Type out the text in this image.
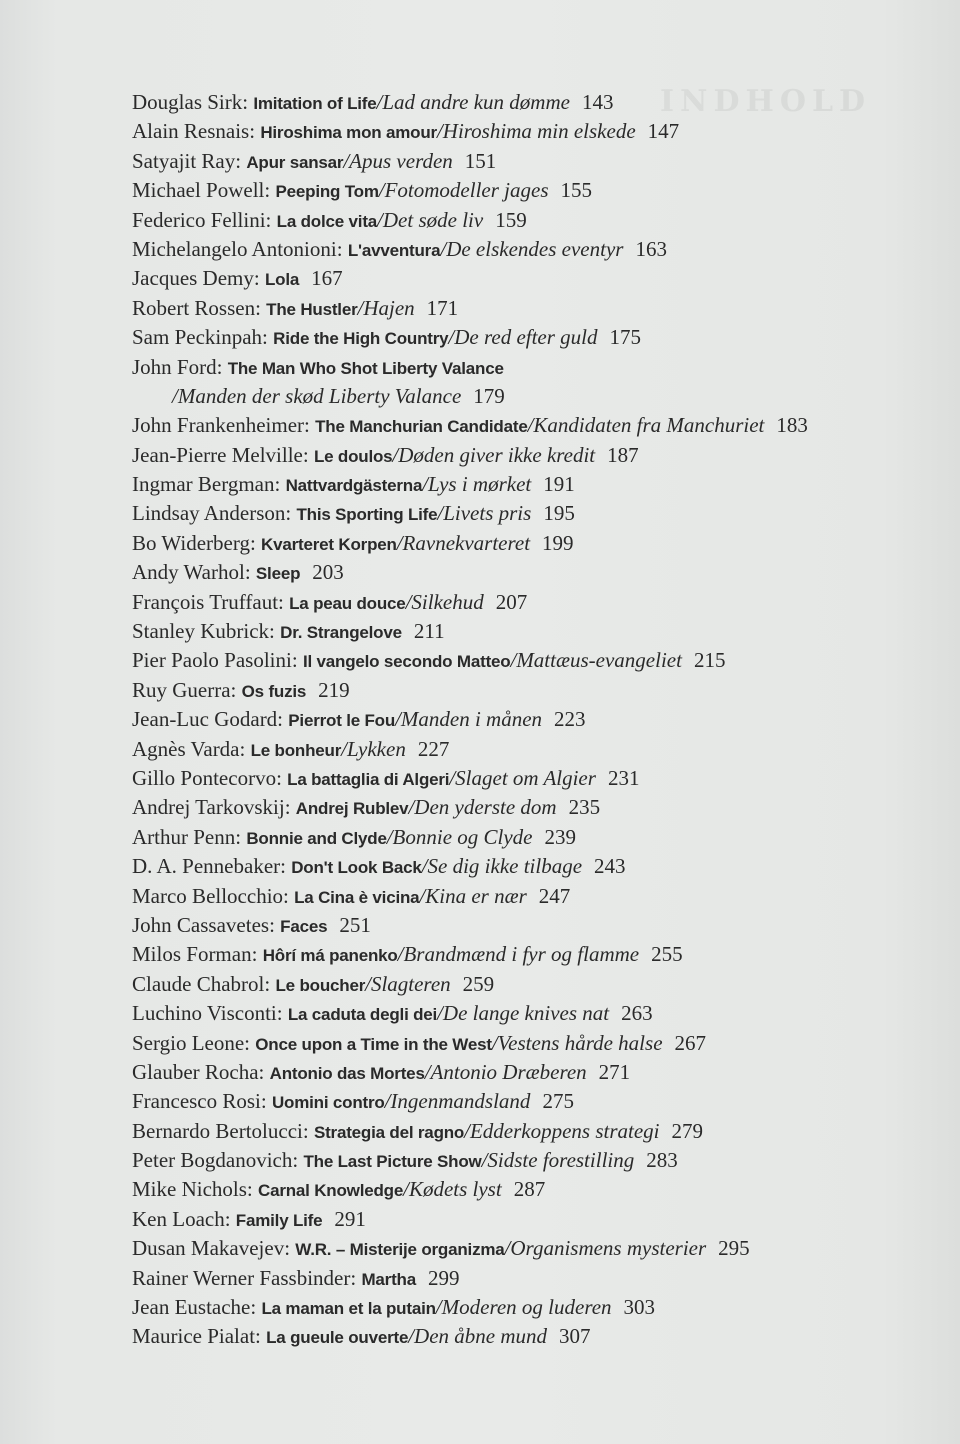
INDHOLD
Douglas Sirk: Imitation of Life/Lad andre kun dømme 143
Alain Resnais: Hiroshima mon amour/Hiroshima min elskede 147
Satyajit Ray: Apur sansar/Apus verden 151
Michael Powell: Peeping Tom/Fotomodeller jages 155
Federico Fellini: La dolce vita/Det søde liv 159
Michelangelo Antonioni: L'avventura/De elskendes eventyr 163
Jacques Demy: Lola 167
Robert Rossen: The Hustler/Hajen 171
Sam Peckinpah: Ride the High Country/De red efter guld 175
John Ford: The Man Who Shot Liberty Valance
/Manden der skød Liberty Valance 179
John Frankenheimer: The Manchurian Candidate/Kandidaten fra Manchuriet 183
Jean-Pierre Melville: Le doulos/Døden giver ikke kredit 187
Ingmar Bergman: Nattvardgästerna/Lys i mørket 191
Lindsay Anderson: This Sporting Life/Livets pris 195
Bo Widerberg: Kvarteret Korpen/Ravnekvarteret 199
Andy Warhol: Sleep 203
François Truffaut: La peau douce/Silkehud 207
Stanley Kubrick: Dr. Strangelove 211
Pier Paolo Pasolini: Il vangelo secondo Matteo/Mattæus-evangeliet 215
Ruy Guerra: Os fuzis 219
Jean-Luc Godard: Pierrot le Fou/Manden i månen 223
Agnès Varda: Le bonheur/Lykken 227
Gillo Pontecorvo: La battaglia di Algeri/Slaget om Algier 231
Andrej Tarkovskij: Andrej Rublev/Den yderste dom 235
Arthur Penn: Bonnie and Clyde/Bonnie og Clyde 239
D. A. Pennebaker: Don't Look Back/Se dig ikke tilbage 243
Marco Bellocchio: La Cina è vicina/Kina er nær 247
John Cassavetes: Faces 251
Milos Forman: Hôrí má panenko/Brandmænd i fyr og flamme 255
Claude Chabrol: Le boucher/Slagteren 259
Luchino Visconti: La caduta degli dei/De lange knives nat 263
Sergio Leone: Once upon a Time in the West/Vestens hårde halse 267
Glauber Rocha: Antonio das Mortes/Antonio Dræberen 271
Francesco Rosi: Uomini contro/Ingenmandsland 275
Bernardo Bertolucci: Strategia del ragno/Edderkoppens strategi 279
Peter Bogdanovich: The Last Picture Show/Sidste forestilling 283
Mike Nichols: Carnal Knowledge/Kødets lyst 287
Ken Loach: Family Life 291
Dusan Makavejev: W.R. – Misterije organizma/Organismens mysterier 295
Rainer Werner Fassbinder: Martha 299
Jean Eustache: La maman et la putain/Moderen og luderen 303
Maurice Pialat: La gueule ouverte/Den åbne mund 307
